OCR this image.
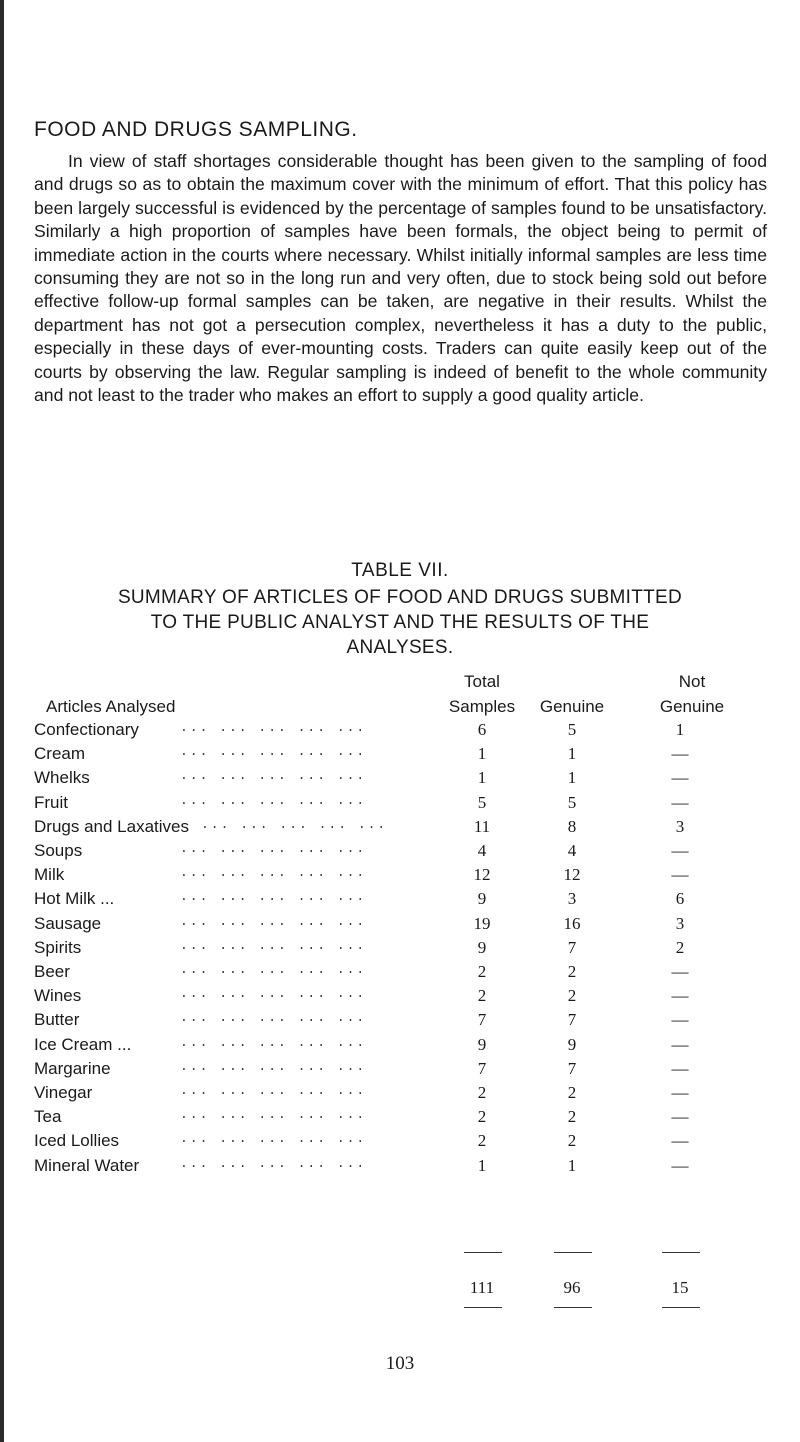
FOOD AND DRUGS SAMPLING.

In view of staff shortages considerable thought has been given to the sampling of food and drugs so as to obtain the maximum cover with the minimum of effort. That this policy has been largely successful is evidenced by the percentage of samples found to be unsatisfactory. Similarly a high proportion of samples have been formals, the object being to permit of immediate action in the courts where necessary. Whilst initially informal samples are less time consuming they are not so in the long run and very often, due to stock being sold out before effective follow-up formal samples can be taken, are negative in their results. Whilst the department has not got a persecution complex, nevertheless it has a duty to the public, especially in these days of ever-mounting costs. Traders can quite easily keep out of the courts by observing the law. Regular sampling is indeed of benefit to the whole community and not least to the trader who makes an effort to supply a good quality article.

TABLE VII.
SUMMARY OF ARTICLES OF FOOD AND DRUGS SUBMITTED
TO THE PUBLIC ANALYST AND THE RESULTS OF THE
ANALYSES.
Total	Not
Articles Analysed	Samples	Genuine	Genuine
Confectionary	... ... ... ... ...	6	5	1
Cream	... ... ... ... ...	1	1	—
Whelks	... ... ... ... ...	1	1	—
Fruit	... ... ... ... ...	5	5	—
Drugs and Laxatives ... ... ... ... ...	11	8	3
Soups	... ... ... ... ...	4	4	—
Milk	... ... ... ... ...	12	12	—
Hot Milk ...	... ... ... ... ...	9	3	6
Sausage	... ... ... ... ...	19	16	3
Spirits	... ... ... ... ...	9	7	2
Beer	... ... ... ... ...	2	2	—
Wines	... ... ... ... ...	2	2	—
Butter	... ... ... ... ...	7	7	—
Ice Cream ...	... ... ... ... ...	9	9	—
Margarine	... ... ... ... ...	7	7	—
Vinegar	... ... ... ... ...	2	2	—
Tea	... ... ... ... ...	2	2	—
Iced Lollies	... ... ... ... ...	2	2	—
Mineral Water	... ... ... ... ...	1	1	—
111	96	15
103
